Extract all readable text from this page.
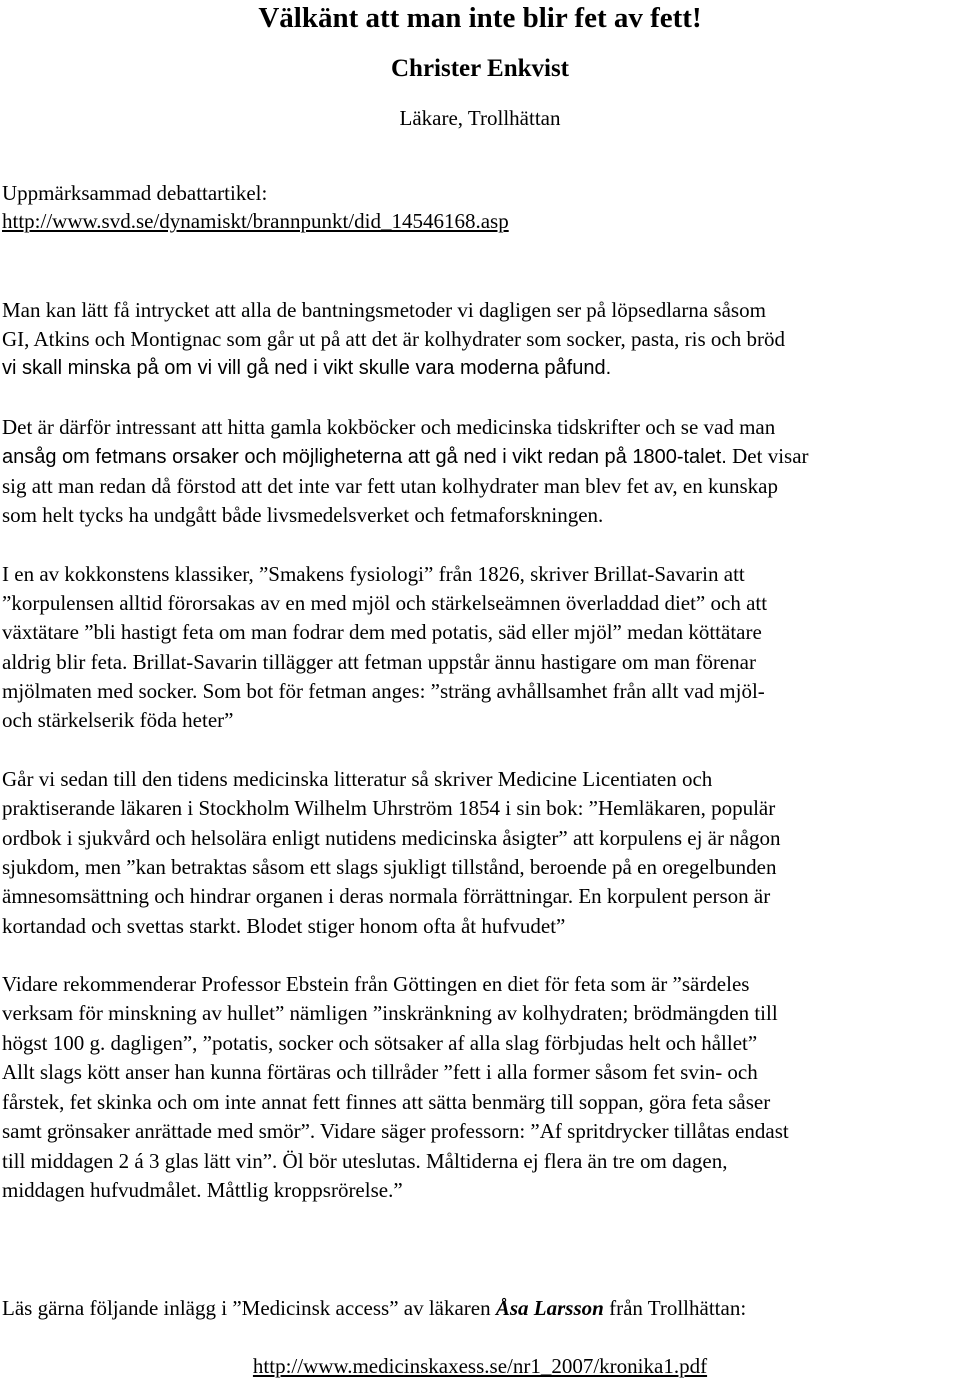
Välkänt att man inte blir fet av fett!
Christer Enkvist
Läkare, Trollhättan
Uppmärksammad debattartikel:
http://www.svd.se/dynamiskt/brannpunkt/did_14546168.asp
Man kan lätt få intrycket att alla de bantningsmetoder vi dagligen ser på löpsedlarna såsom
GI, Atkins och Montignac som går ut på att det är kolhydrater som socker, pasta, ris och bröd
vi skall minska på om vi vill gå ned i vikt skulle vara moderna påfund.
Det är därför intressant att hitta gamla kokböcker och medicinska tidskrifter och se vad man
ansåg om fetmans orsaker och möjligheterna att gå ned i vikt redan på 1800-talet. Det visar
sig att man redan då förstod att det inte var fett utan kolhydrater man blev fet av, en kunskap
som helt tycks ha undgått både livsmedelsverket och fetmaforskningen.
I en av kokkonstens klassiker, ”Smakens fysiologi” från 1826, skriver Brillat-Savarin att
”korpulensen alltid förorsakas av en med mjöl och stärkelseämnen överladdad diet” och att
växtätare ”bli hastigt feta om man fodrar dem med potatis, säd eller mjöl” medan köttätare
aldrig blir feta. Brillat-Savarin tillägger att fetman uppstår ännu hastigare om man förenar
mjölmaten med socker. Som bot för fetman anges: ”sträng avhållsamhet från allt vad mjöl-
och stärkelserik föda heter”
Går vi sedan till den tidens medicinska litteratur så skriver Medicine Licentiaten och
praktiserande läkaren i Stockholm Wilhelm Uhrström 1854 i sin bok: ”Hemläkaren, populär
ordbok i sjukvård och helsolära enligt nutidens medicinska åsigter” att korpulens ej är någon
sjukdom, men ”kan betraktas såsom ett slags sjukligt tillstånd, beroende på en oregelbunden
ämnesomsättning och hindrar organen i deras normala förrättningar. En korpulent person är
kortandad och svettas starkt. Blodet stiger honom ofta åt hufvudet”
Vidare rekommenderar Professor Ebstein från Göttingen en diet för feta som är ”särdeles
verksam för minskning av hullet” nämligen ”inskränkning av kolhydraten; brödmängden till
högst 100 g. dagligen”, ”potatis, socker och sötsaker af alla slag förbjudas helt och hållet”
Allt slags kött anser han kunna förtäras och tillråder ”fett i alla former såsom fet svin- och
fårstek, fet skinka och om inte annat fett finnes att sätta benmärg till soppan, göra feta såser
samt grönsaker anrättade med smör”. Vidare säger professorn: ”Af spritdrycker tillåtas endast
till middagen 2 á 3 glas lätt vin”. Öl bör uteslutas. Måltiderna ej flera än tre om dagen,
middagen hufvudmålet. Måttlig kroppsrörelse.”
Läs gärna följande inlägg i ”Medicinsk access” av läkaren Åsa Larsson från Trollhättan:
http://www.medicinskaxess.se/nr1_2007/kronika1.pdf
